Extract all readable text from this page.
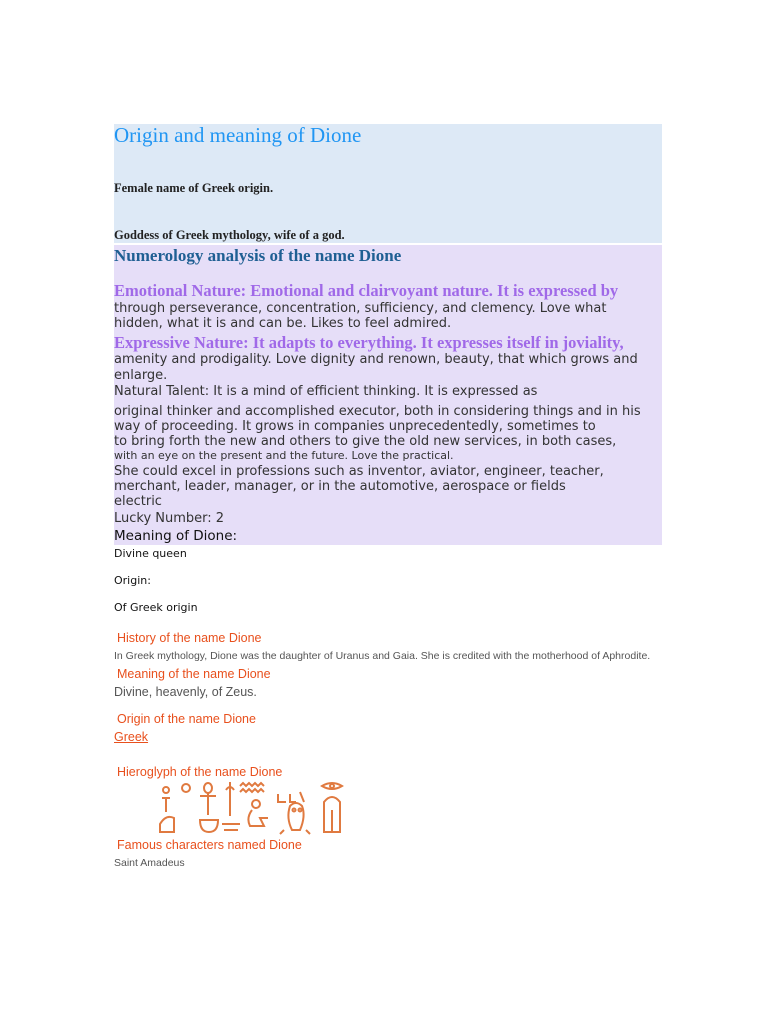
Origin and meaning of Dione
Female name of Greek origin.
Goddess of Greek mythology, wife of a god.
Numerology analysis of the name Dione
Emotional Nature: Emotional and clairvoyant nature. It is expressed by
through perseverance, concentration, sufficiency, and clemency. Love what
hidden, what it is and can be. Likes to feel admired.
Expressive Nature: It adapts to everything. It expresses itself in joviality,
amenity and prodigality. Love dignity and renown, beauty, that which grows and
enlarge.
Natural Talent: It is a mind of efficient thinking. It is expressed as
original thinker and accomplished executor, both in considering things and in his
way of proceeding. It grows in companies unprecedentedly, sometimes to
to bring forth the new and others to give the old new services, in both cases,
with an eye on the present and the future. Love the practical.
She could excel in professions such as inventor, aviator, engineer, teacher,
merchant, leader, manager, or in the automotive, aerospace or fields
electric
Lucky Number: 2
Meaning of Dione:
Divine queen
Origin:
Of Greek origin
History of the name Dione
In Greek mythology, Dione was the daughter of Uranus and Gaia. She is credited with the motherhood of Aphrodite.
Meaning of the name Dione
Divine, heavenly, of Zeus.
Origin of the name Dione
Greek
Hieroglyph of the name Dione
Famous characters named Dione
Saint Amadeus
